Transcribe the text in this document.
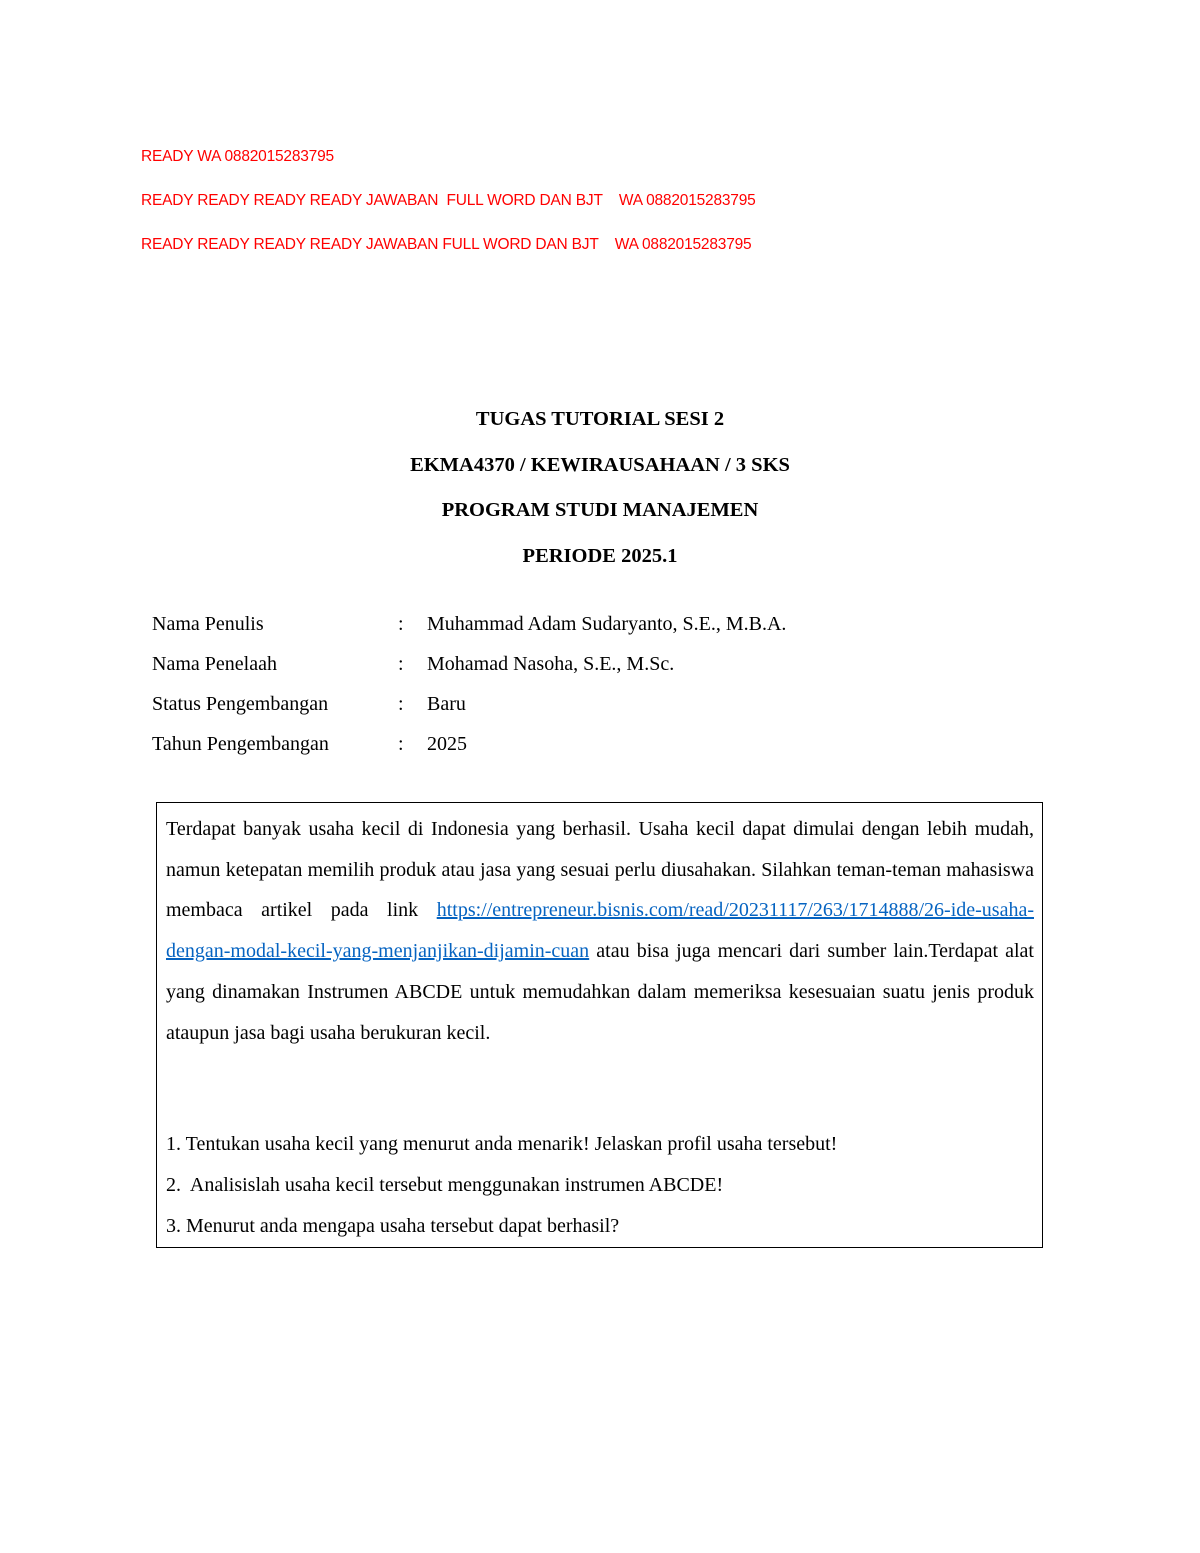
READY WA 0882015283795
READY READY READY READY JAWABAN  FULL WORD DAN BJT    WA 0882015283795
READY READY READY READY JAWABAN FULL WORD DAN BJT    WA 0882015283795
TUGAS TUTORIAL SESI 2
EKMA4370 / KEWIRAUSAHAAN / 3 SKS
PROGRAM STUDI MANAJEMEN
PERIODE 2025.1
Nama Penulis	:	Muhammad Adam Sudaryanto, S.E., M.B.A.
Nama Penelaah	:	Mohamad Nasoha, S.E., M.Sc.
Status Pengembangan	:	Baru
Tahun Pengembangan	:	2025
Terdapat banyak usaha kecil di Indonesia yang berhasil. Usaha kecil dapat dimulai dengan lebih mudah, namun ketepatan memilih produk atau jasa yang sesuai perlu diusahakan. Silahkan teman-teman mahasiswa membaca artikel pada link https://entrepreneur.bisnis.com/read/20231117/263/1714888/26-ide-usaha-dengan-modal-kecil-yang-menjanjikan-dijamin-cuan atau bisa juga mencari dari sumber lain.Terdapat alat yang dinamakan Instrumen ABCDE untuk memudahkan dalam memeriksa kesesuaian suatu jenis produk ataupun jasa bagi usaha berukuran kecil.
1. Tentukan usaha kecil yang menurut anda menarik! Jelaskan profil usaha tersebut!
2.  Analisislah usaha kecil tersebut menggunakan instrumen ABCDE!
3. Menurut anda mengapa usaha tersebut dapat berhasil?
